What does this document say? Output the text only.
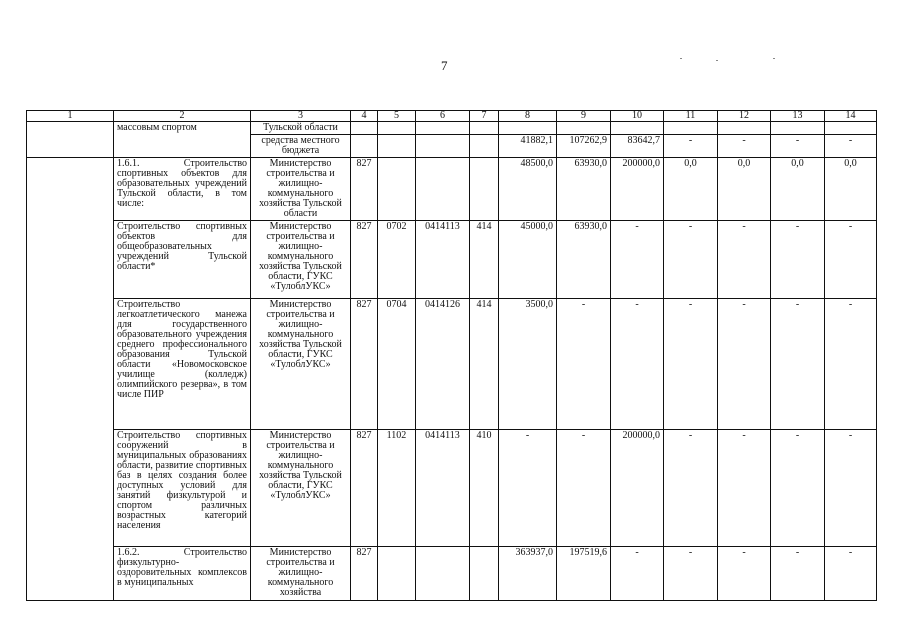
7
1	2	3	4	5	6	7	8	9	10	11	12	13	14
	массовым спортом	Тульской области											
		средства местного бюджета					41882,1	107262,9	83642,7	-	-	-	-
	1.6.1. Строительство спортивных объектов для образовательных учреждений Тульской области, в том числе:	Министерство строительства и жилищно-коммунального хозяйства Тульской области	827				48500,0	63930,0	200000,0	0,0	0,0	0,0	0,0
	Строительство спортивных объектов для общеобразовательных учреждений Тульской области*	Министерство строительства и жилищно-коммунального хозяйства Тульской области, ГУКС «ТулоблУКС»	827	0702	0414113	414	45000,0	63930,0	-	-	-	-	-
	Строительство легкоатлетического манежа для государственного образовательного учреждения среднего профессионального образования Тульской области «Новомосковское училище (колледж) олимпийского резерва», в том числе ПИР	Министерство строительства и жилищно-коммунального хозяйства Тульской области, ГУКС «ТулоблУКС»	827	0704	0414126	414	3500,0	-	-	-	-	-	-
	Строительство спортивных сооружений в муниципальных образованиях области, развитие спортивных баз в целях создания более доступных условий для занятий физкультурой и спортом различных возрастных категорий населения	Министерство строительства и жилищно-коммунального хозяйства Тульской области, ГУКС «ТулоблУКС»	827	1102	0414113	410	-	-	200000,0	-	-	-	-
	1.6.2. Строительство физкультурно-оздоровительных комплексов в муниципальных	Министерство строительства и жилищно-коммунального хозяйства	827				363937,0	197519,6	-	-	-	-	-
